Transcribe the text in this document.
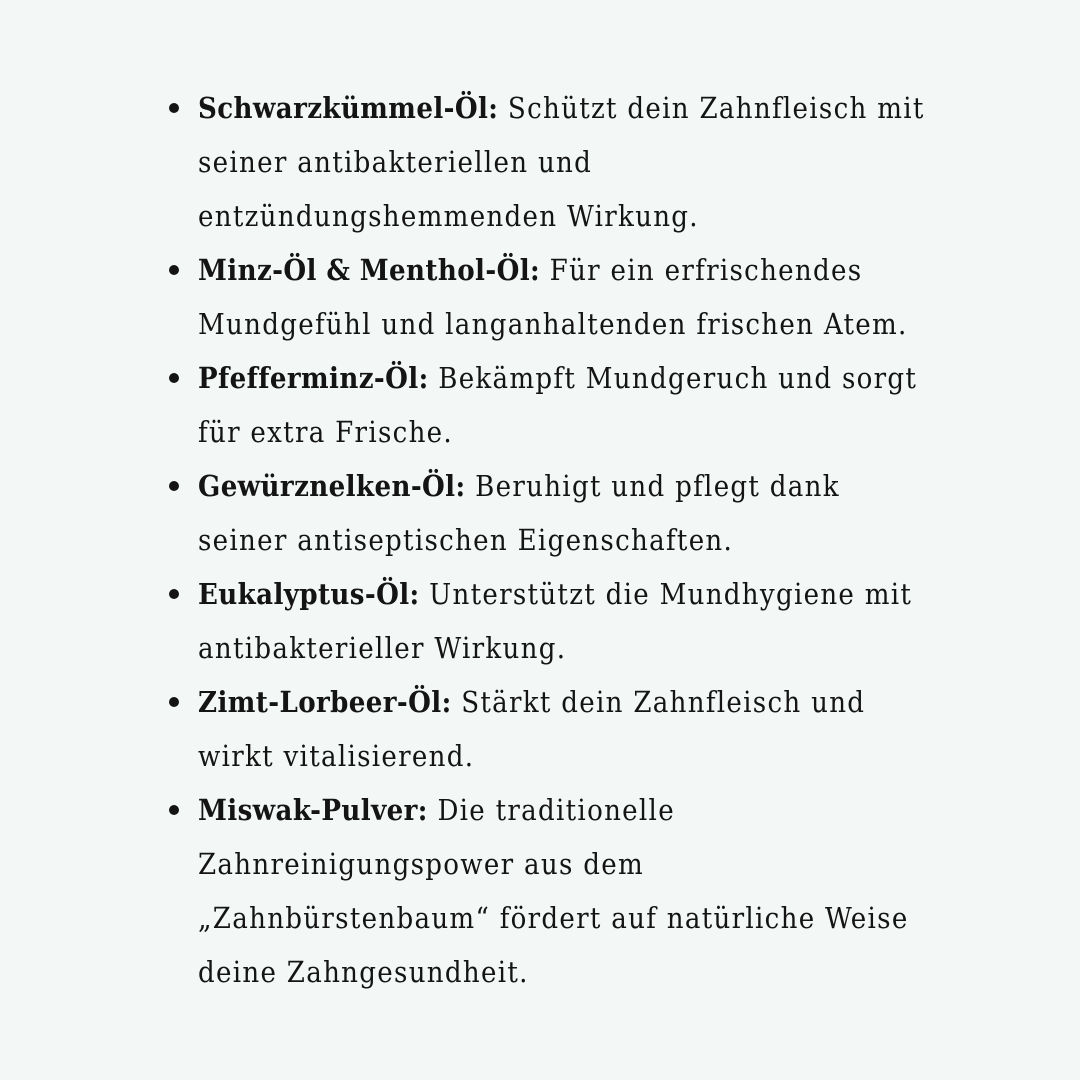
Schwarzkümmel-Öl: Schützt dein Zahnfleisch mit seiner antibakteriellen und entzündungshemmenden Wirkung.
Minz-Öl & Menthol-Öl: Für ein erfrischendes Mundgefühl und langanhaltenden frischen Atem.
Pfefferminz-Öl: Bekämpft Mundgeruch und sorgt für extra Frische.
Gewürznelken-Öl: Beruhigt und pflegt dank seiner antiseptischen Eigenschaften.
Eukalyptus-Öl: Unterstützt die Mundhygiene mit antibakterieller Wirkung.
Zimt-Lorbeer-Öl: Stärkt dein Zahnfleisch und wirkt vitalisierend.
Miswak-Pulver: Die traditionelle Zahnreinigungspower aus dem „Zahnbürstenbaum“ fördert auf natürliche Weise deine Zahngesundheit.
